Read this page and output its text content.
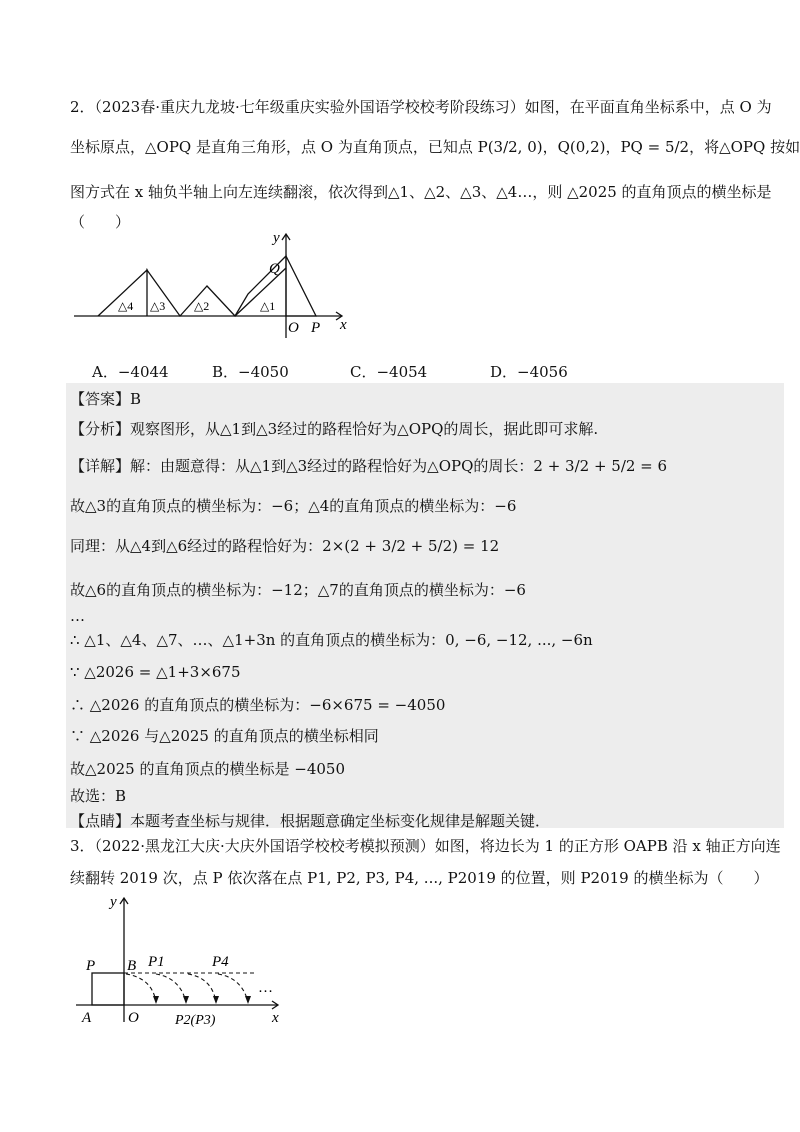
2．（2023春·重庆九龙坡·七年级重庆实验外国语学校校考阶段练习）如图，在平面直角坐标系中，点 O 为
坐标原点，△OPQ 是直角三角形，点 O 为直角顶点，已知点 P(3/2, 0)，Q(0,2)，PQ = 5/2，将△OPQ 按如
图方式在 x 轴负半轴上向左连续翻滚，依次得到△1、△2、△3、△4…，则 △2025 的直角顶点的横坐标是
（　　）
y
Q
x
O P
△1
△2
△3
△4
A．−4044	B．−4050	C．−4054	D．−4056
【答案】B
【分析】观察图形，从△1到△3经过的路程恰好为△OPQ的周长，据此即可求解.
【详解】解：由题意得：从△1到△3经过的路程恰好为△OPQ的周长：2 + 3/2 + 5/2 = 6
故△3的直角顶点的横坐标为：−6；△4的直角顶点的横坐标为：−6
同理：从△4到△6经过的路程恰好为：2×(2 + 3/2 + 5/2) = 12
故△6的直角顶点的横坐标为：−12；△7的直角顶点的横坐标为：−6
…
∴ △1、△4、△7、…、△1+3n 的直角顶点的横坐标为：0, −6, −12, ..., −6n
∵ △2026 = △1+3×675
∴ △2026 的直角顶点的横坐标为：−6×675 = −4050
∵ △2026 与△2025 的直角顶点的横坐标相同
故△2025 的直角顶点的横坐标是 −4050
故选：B
【点睛】本题考查坐标与规律．根据题意确定坐标变化规律是解题关键．
3．（2022·黑龙江大庆·大庆外国语学校校考模拟预测）如图，将边长为 1 的正方形 OAPB 沿 x 轴正方向连
续翻转 2019 次，点 P 依次落在点 P1, P2, P3, P4, ..., P2019 的位置，则 P2019 的横坐标为（　　）
y
P B P1	P4
A O	P2(P3)	x
…
